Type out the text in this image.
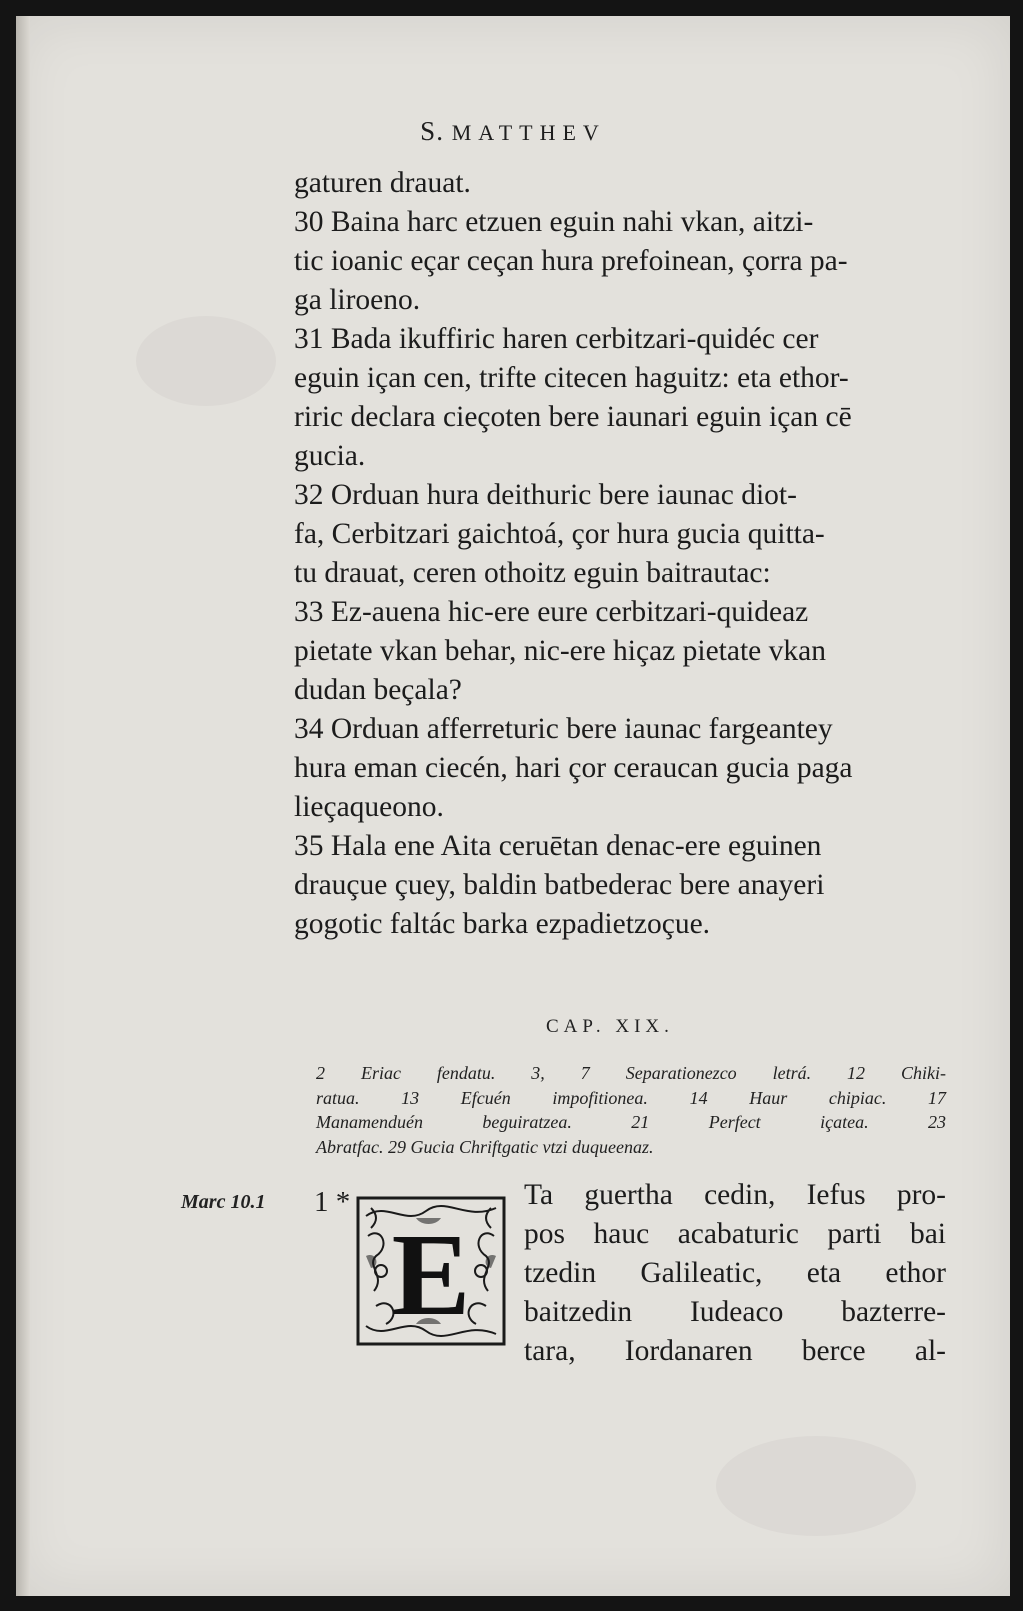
S. MATTHEV

gaturen drauat.

30 Baina harc etzuen eguin nahi vkan, aitzi-

tic ioanic eçar ceçan hura prefoinean, çorra pa-

ga liroeno.

31 Bada ikuffiric haren cerbitzari-quidéc cer

eguin içan cen, trifte citecen haguitz: eta ethor-

riric declara cieçoten bere iaunari eguin içan cē

gucia.

32 Orduan hura deithuric bere iaunac diot-

fa, Cerbitzari gaichtoá, çor hura gucia quitta-

tu drauat, ceren othoitz eguin baitrautac:

33 Ez-auena hic-ere eure cerbitzari-quideaz

pietate vkan behar, nic-ere hiçaz pietate vkan

dudan beçala?

34 Orduan afferreturic bere iaunac fargeantey

hura eman ciecén, hari çor ceraucan gucia paga

lieçaqueono.

35 Hala ene Aita ceruētan denac-ere eguinen

drauçue çuey, baldin batbederac bere anayeri

gogotic faltác barka ezpadietzoçue.

CAP. XIX.

2 Eriac fendatu. 3, 7 Separationezco letrá. 12 Chiki-

ratua. 13 Efcuén impofitionea. 14 Haur chipiac. 17

Manamenduén beguiratzea. 21 Perfect içatea. 23

Abratfac. 29 Gucia Chriftgatic vtzi duqueenaz.

Marc 10.1 1 *
E

Ta guertha cedin, Iefus pro-

pos hauc acabaturic parti bai

tzedin Galileatic, eta ethor

baitzedin Iudeaco bazterre-

tara, Iordanaren berce al-
